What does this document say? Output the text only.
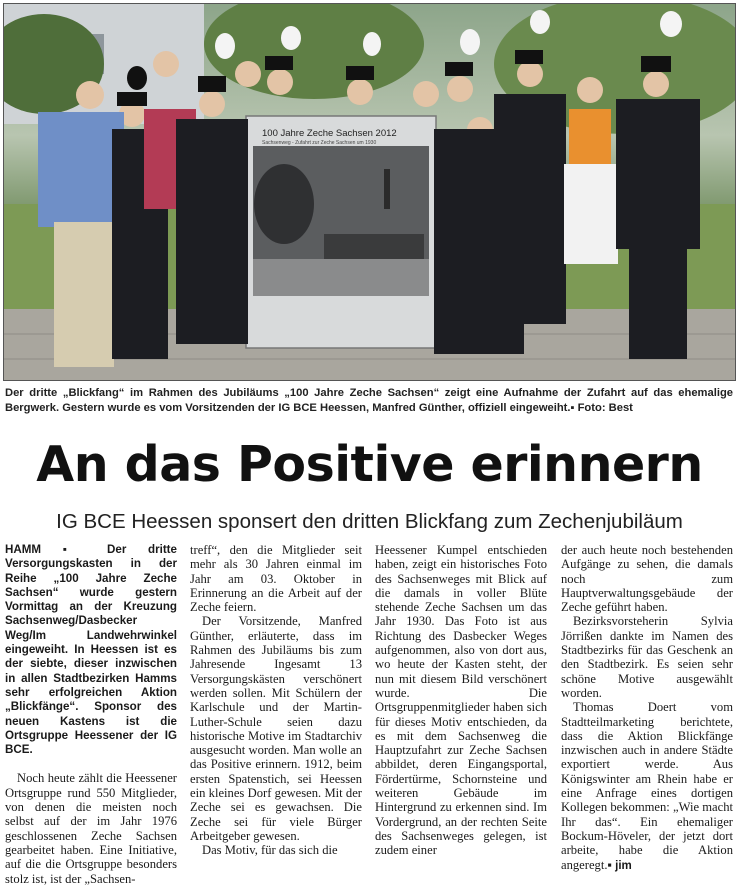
100 Jahre Zeche Sachsen 2012
Sachsenweg - Zufahrt zur Zeche Sachsen um 1930
Der dritte „Blickfang“ im Rahmen des Jubiläums „100 Jahre Zeche Sachsen“ zeigt eine Aufnahme der Zufahrt auf das ehemalige Bergwerk. Gestern wurde es vom Vorsitzenden der IG BCE Heessen, Manfred Günther, offiziell eingeweiht.▪ Foto: Best
An das Positive erinnern
IG BCE Heessen sponsert den dritten Blickfang zum Zechenjubiläum

HAMM ▪ Der dritte Versorgungskasten in der Reihe „100 Jahre Zeche Sachsen“ wurde gestern Vormittag an der Kreuzung Sachsenweg/Dasbecker Weg/Im Landwehrwinkel eingeweiht. In Heessen ist es der siebte, dieser inzwischen in allen Stadtbezirken Hamms sehr erfolgreichen Aktion „Blickfänge“. Sponsor des neuen Kastens ist die Ortsgruppe Heessener der IG BCE.

Noch heute zählt die Heessener Ortsgruppe rund 550 Mitglieder, von denen die meisten noch selbst auf der im Jahr 1976 geschlossenen Zeche Sachsen gearbeitet haben. Eine Initiative, auf die die Ortsgruppe besonders stolz ist, ist der „Sachsen-

treff“, den die Mitglieder seit mehr als 30 Jahren einmal im Jahr am 03. Oktober in Erinnerung an die Arbeit auf der Zeche feiern.

Der Vorsitzende, Manfred Günther, erläuterte, dass im Rahmen des Jubiläums bis zum Jahresende Ingesamt 13 Versorgungskästen verschönert werden sollen. Mit Schülern der Karlschule und der Martin-Luther-Schule seien dazu historische Motive im Stadtarchiv ausgesucht worden. Man wolle an das Positive erinnern. 1912, beim ersten Spatenstich, sei Heessen ein kleines Dorf gewesen. Mit der Zeche sei es gewachsen. Die Zeche sei für viele Bürger Arbeitgeber gewesen.

Das Motiv, für das sich die

Heessener Kumpel entschieden haben, zeigt ein historisches Foto des Sachsenweges mit Blick auf die damals in voller Blüte stehende Zeche Sachsen um das Jahr 1930. Das Foto ist aus Richtung des Dasbecker Weges aufgenommen, also von dort aus, wo heute der Kasten steht, der nun mit diesem Bild verschönert wurde. Die Ortsgruppenmitglieder haben sich für dieses Motiv entschieden, da es mit dem Sachsenweg die Hauptzufahrt zur Zeche Sachsen abbildet, deren Eingangsportal, Fördertürme, Schornsteine und weiteren Gebäude im Hintergrund zu erkennen sind. Im Vordergrund, an der rechten Seite des Sachsenweges gelegen, ist zudem einer

der auch heute noch bestehenden Aufgänge zu sehen, die damals noch zum Hauptverwaltungsgebäude der Zeche geführt haben.

Bezirksvorsteherin Sylvia Jörrißen dankte im Namen des Stadtbezirks für das Geschenk an den Stadtbezirk. Es seien sehr schöne Motive ausgewählt worden.

Thomas Doert vom Stadtteilmarketing berichtete, dass die Aktion Blickfänge inzwischen auch in andere Städte exportiert werde. Aus Königswinter am Rhein habe er eine Anfrage eines dortigen Kollegen bekommen: „Wie macht Ihr das“. Ein ehemaliger Bockum-Höveler, der jetzt dort arbeite, habe die Aktion angeregt.▪ jim
